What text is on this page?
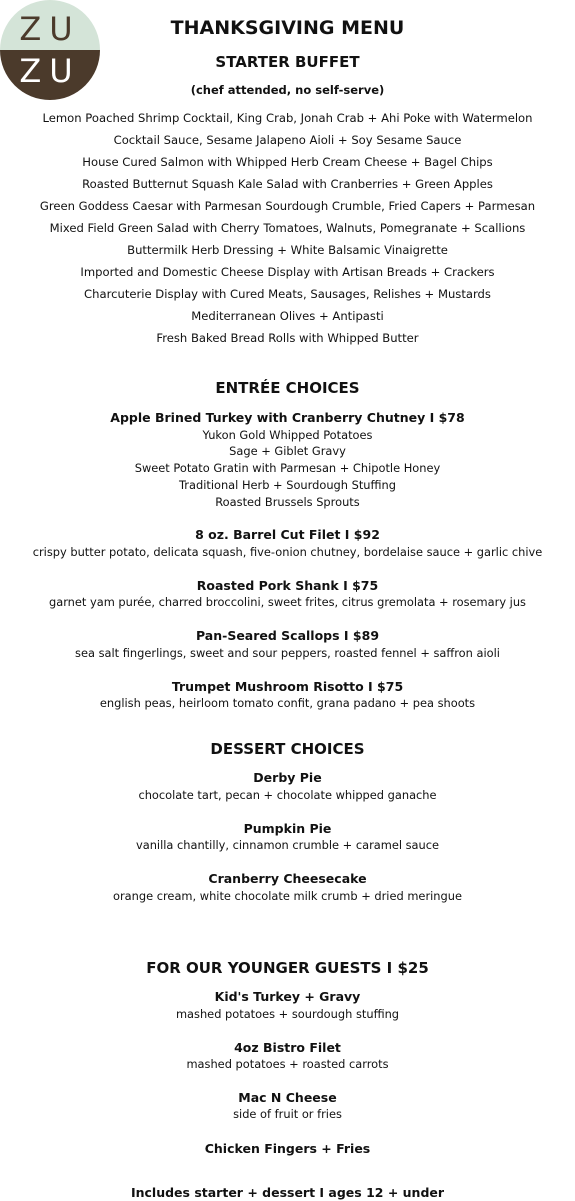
ZU
ZU
THANKSGIVING MENU
STARTER BUFFET
(chef attended, no self-serve)
Lemon Poached Shrimp Cocktail, King Crab, Jonah Crab + Ahi Poke with Watermelon
Cocktail Sauce, Sesame Jalapeno Aioli + Soy Sesame Sauce
House Cured Salmon with Whipped Herb Cream Cheese + Bagel Chips
Roasted Butternut Squash Kale Salad with Cranberries + Green Apples
Green Goddess Caesar with Parmesan Sourdough Crumble, Fried Capers + Parmesan
Mixed Field Green Salad with Cherry Tomatoes, Walnuts, Pomegranate + Scallions
Buttermilk Herb Dressing + White Balsamic Vinaigrette
Imported and Domestic Cheese Display with Artisan Breads + Crackers
Charcuterie Display with Cured Meats, Sausages, Relishes + Mustards
Mediterranean Olives + Antipasti
Fresh Baked Bread Rolls with Whipped Butter
ENTRÉE CHOICES
Apple Brined Turkey with Cranberry Chutney I $78
Yukon Gold Whipped Potatoes
Sage + Giblet Gravy
Sweet Potato Gratin with Parmesan + Chipotle Honey
Traditional Herb + Sourdough Stuffing
Roasted Brussels Sprouts
8 oz. Barrel Cut Filet I $92
crispy butter potato, delicata squash, five-onion chutney, bordelaise sauce + garlic chive
Roasted Pork Shank I $75
garnet yam purée, charred broccolini, sweet frites, citrus gremolata + rosemary jus
Pan-Seared Scallops I $89
sea salt fingerlings, sweet and sour peppers, roasted fennel + saffron aioli
Trumpet Mushroom Risotto I $75
english peas, heirloom tomato confit, grana padano + pea shoots
DESSERT CHOICES
Derby Pie
chocolate tart, pecan + chocolate whipped ganache
Pumpkin Pie
vanilla chantilly, cinnamon crumble + caramel sauce
Cranberry Cheesecake
orange cream, white chocolate milk crumb + dried meringue
FOR OUR YOUNGER GUESTS I $25
Kid's Turkey + Gravy
mashed potatoes + sourdough stuffing
4oz Bistro Filet
mashed potatoes + roasted carrots
Mac N Cheese
side of fruit or fries
Chicken Fingers + Fries
Includes starter + dessert I ages 12 + under
